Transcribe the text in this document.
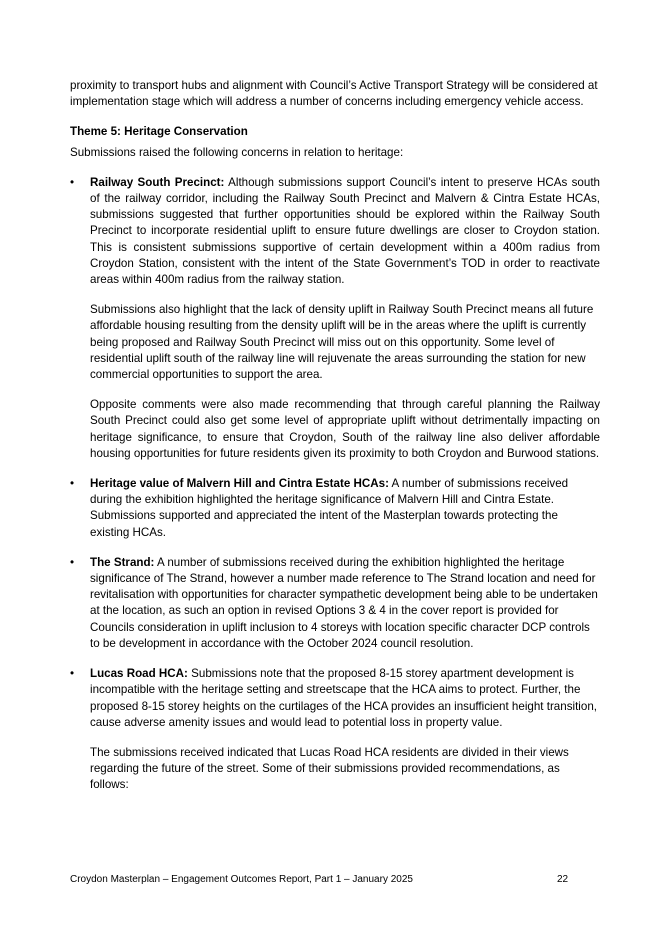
proximity to transport hubs and alignment with Council’s Active Transport Strategy will be considered at implementation stage which will address a number of concerns including emergency vehicle access.

Theme 5: Heritage Conservation

Submissions raised the following concerns in relation to heritage:

• Railway South Precinct: Although submissions support Council’s intent to preserve HCAs south of the railway corridor, including the Railway South Precinct and Malvern & Cintra Estate HCAs, submissions suggested that further opportunities should be explored within the Railway South Precinct to incorporate residential uplift to ensure future dwellings are closer to Croydon station. This is consistent submissions supportive of certain development within a 400m radius from Croydon Station, consistent with the intent of the State Government’s TOD in order to reactivate areas within 400m radius from the railway station.

Submissions also highlight that the lack of density uplift in Railway South Precinct means all future affordable housing resulting from the density uplift will be in the areas where the uplift is currently being proposed and Railway South Precinct will miss out on this opportunity. Some level of residential uplift south of the railway line will rejuvenate the areas surrounding the station for new commercial opportunities to support the area.

Opposite comments were also made recommending that through careful planning the Railway South Precinct could also get some level of appropriate uplift without detrimentally impacting on heritage significance, to ensure that Croydon, South of the railway line also deliver affordable housing opportunities for future residents given its proximity to both Croydon and Burwood stations.

• Heritage value of Malvern Hill and Cintra Estate HCAs: A number of submissions received during the exhibition highlighted the heritage significance of Malvern Hill and Cintra Estate. Submissions supported and appreciated the intent of the Masterplan towards protecting the existing HCAs.

• The Strand: A number of submissions received during the exhibition highlighted the heritage significance of The Strand, however a number made reference to The Strand location and need for revitalisation with opportunities for character sympathetic development being able to be undertaken at the location, as such an option in revised Options 3 & 4 in the cover report is provided for Councils consideration in uplift inclusion to 4 storeys with location specific character DCP controls to be development in accordance with the October 2024 council resolution.

• Lucas Road HCA: Submissions note that the proposed 8-15 storey apartment development is incompatible with the heritage setting and streetscape that the HCA aims to protect. Further, the proposed 8-15 storey heights on the curtilages of the HCA provides an insufficient height transition, cause adverse amenity issues and would lead to potential loss in property value.

The submissions received indicated that Lucas Road HCA residents are divided in their views regarding the future of the street. Some of their submissions provided recommendations, as follows:

Croydon Masterplan – Engagement Outcomes Report, Part 1 – January 2025	22
